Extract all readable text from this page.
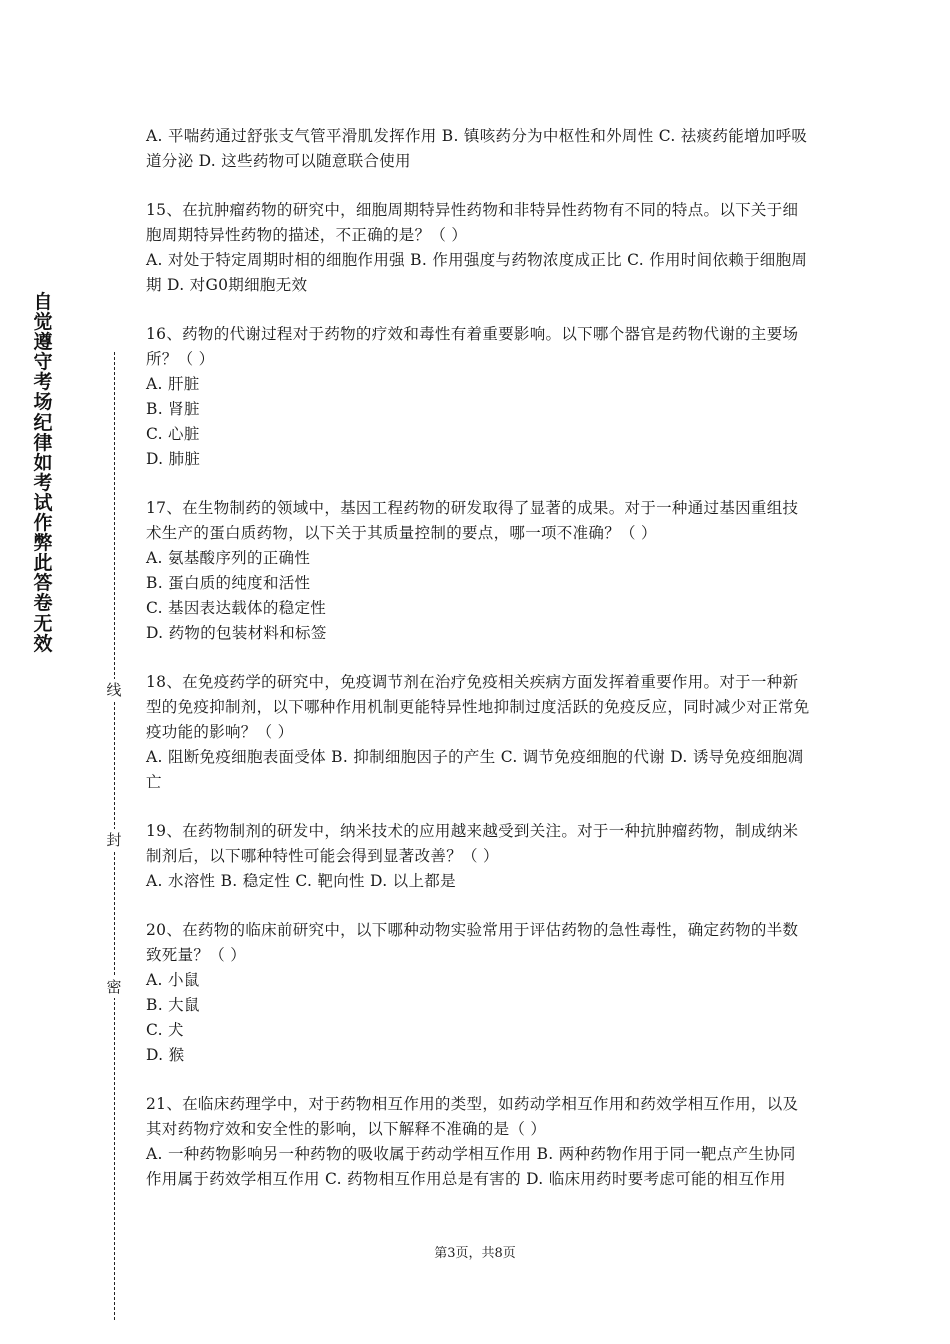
自
觉
遵
守
考
场
纪
律
如
考
试
作
弊
此
答
卷
无
效
线
封
密

A. 平喘药通过舒张支气管平滑肌发挥作用 B. 镇咳药分为中枢性和外周性 C. 祛痰药能增加呼吸道分泌 D. 这些药物可以随意联合使用

15、在抗肿瘤药物的研究中，细胞周期特异性药物和非特异性药物有不同的特点。以下关于细胞周期特异性药物的描述，不正确的是？（ ）

A. 对处于特定周期时相的细胞作用强 B. 作用强度与药物浓度成正比 C. 作用时间依赖于细胞周期 D. 对G0期细胞无效

16、药物的代谢过程对于药物的疗效和毒性有着重要影响。以下哪个器官是药物代谢的主要场所？（ ）

A. 肝脏

B. 肾脏

C. 心脏

D. 肺脏

17、在生物制药的领域中，基因工程药物的研发取得了显著的成果。对于一种通过基因重组技术生产的蛋白质药物，以下关于其质量控制的要点，哪一项不准确？（ ）

A. 氨基酸序列的正确性

B. 蛋白质的纯度和活性

C. 基因表达载体的稳定性

D. 药物的包装材料和标签

18、在免疫药学的研究中，免疫调节剂在治疗免疫相关疾病方面发挥着重要作用。对于一种新型的免疫抑制剂，以下哪种作用机制更能特异性地抑制过度活跃的免疫反应，同时减少对正常免疫功能的影响？（ ）

A. 阻断免疫细胞表面受体 B. 抑制细胞因子的产生 C. 调节免疫细胞的代谢 D. 诱导免疫细胞凋亡

19、在药物制剂的研发中，纳米技术的应用越来越受到关注。对于一种抗肿瘤药物，制成纳米制剂后，以下哪种特性可能会得到显著改善？（ ）

A. 水溶性 B. 稳定性 C. 靶向性 D. 以上都是

20、在药物的临床前研究中，以下哪种动物实验常用于评估药物的急性毒性，确定药物的半数致死量？（ ）

A. 小鼠

B. 大鼠

C. 犬

D. 猴

21、在临床药理学中，对于药物相互作用的类型，如药动学相互作用和药效学相互作用，以及其对药物疗效和安全性的影响，以下解释不准确的是（ ）

A. 一种药物影响另一种药物的吸收属于药动学相互作用 B. 两种药物作用于同一靶点产生协同作用属于药效学相互作用 C. 药物相互作用总是有害的 D. 临床用药时要考虑可能的相互作用

第3页，共8页
